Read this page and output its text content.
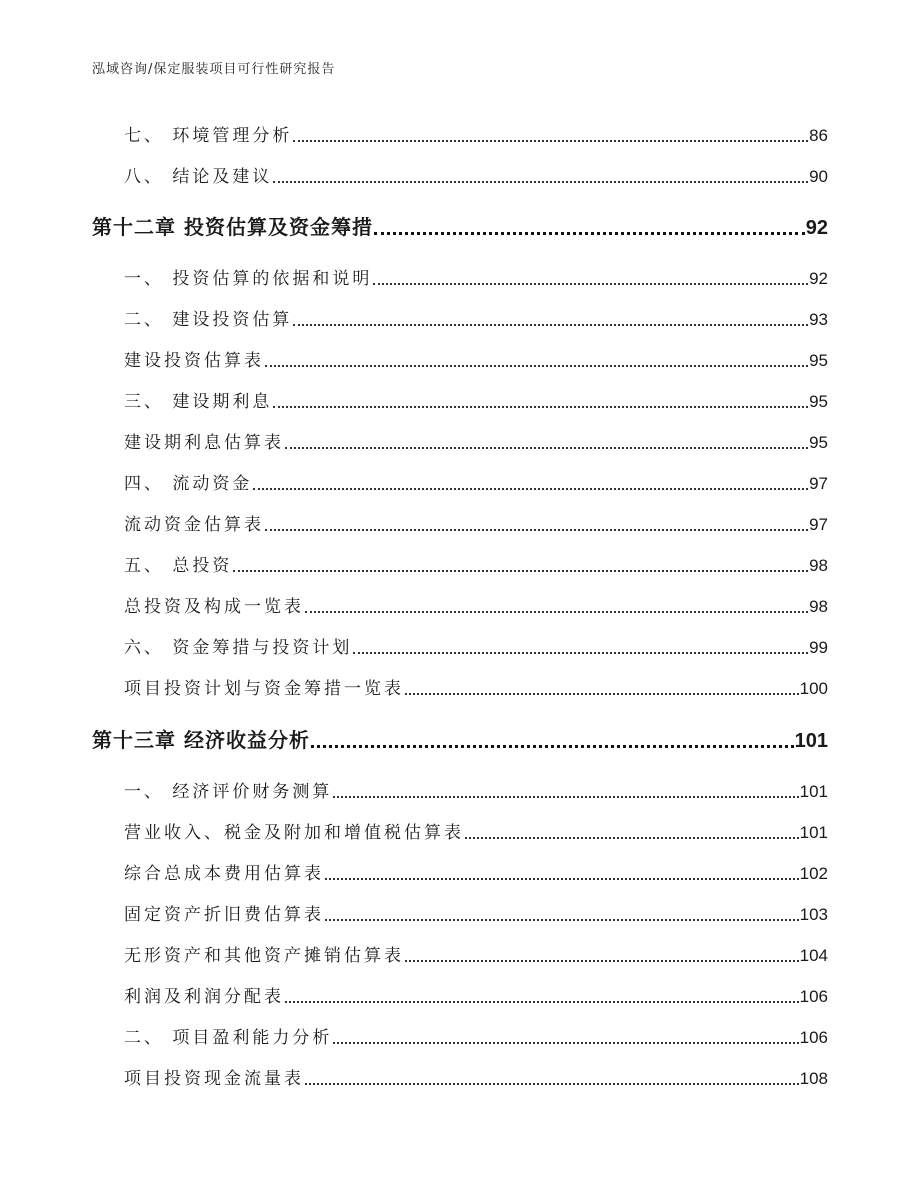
泓域咨询/保定服装项目可行性研究报告
七、 环境管理分析	86
八、 结论及建议	90
第十二章 投资估算及资金筹措	92
一、 投资估算的依据和说明	92
二、 建设投资估算	93
建设投资估算表	95
三、 建设期利息	95
建设期利息估算表	95
四、 流动资金	97
流动资金估算表	97
五、 总投资	98
总投资及构成一览表	98
六、 资金筹措与投资计划	99
项目投资计划与资金筹措一览表	100
第十三章 经济收益分析	101
一、 经济评价财务测算	101
营业收入、税金及附加和增值税估算表	101
综合总成本费用估算表	102
固定资产折旧费估算表	103
无形资产和其他资产摊销估算表	104
利润及利润分配表	106
二、 项目盈利能力分析	106
项目投资现金流量表	108
